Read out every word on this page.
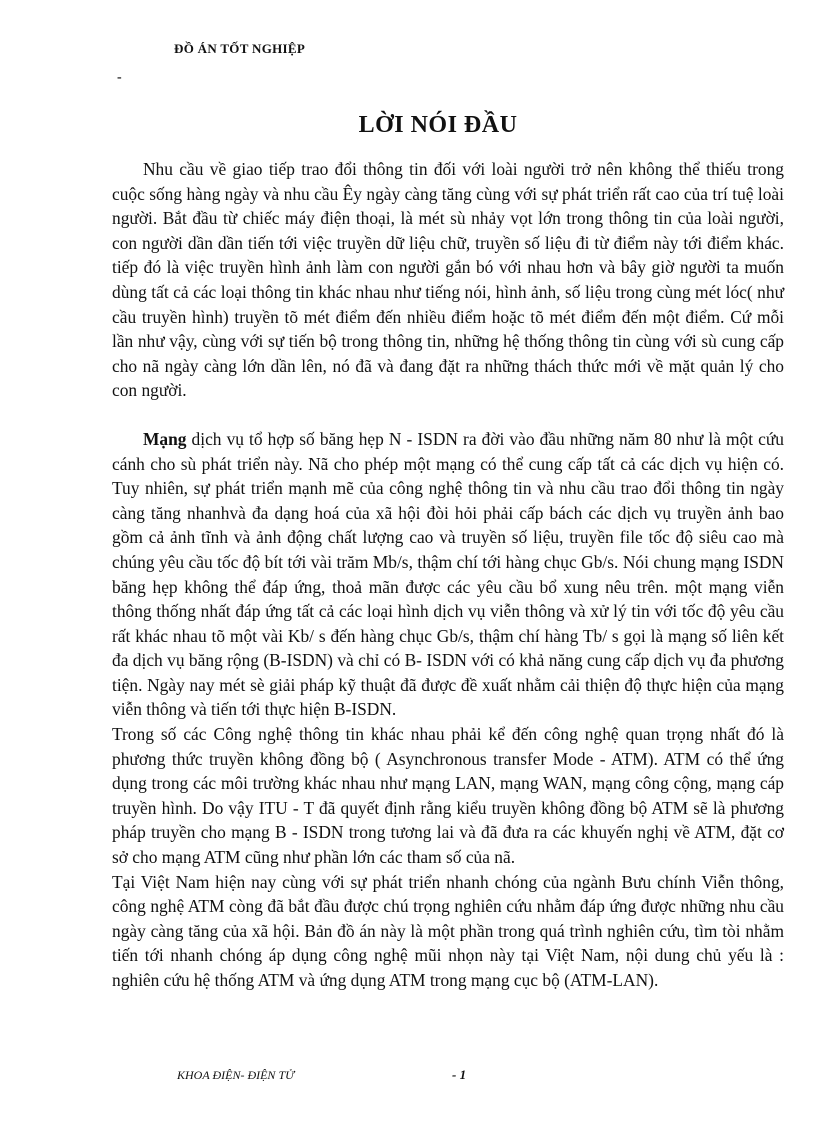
ĐỒ ÁN TỐT NGHIỆP
-
LỜI NÓI ĐẦU

Nhu cầu về giao tiếp trao đổi thông tin đối với loài người trở nên không thể thiếu trong cuộc sống hàng ngày và nhu cầu Êy ngày càng tăng cùng với sự phát triển rất cao của trí tuệ loài người. Bắt đầu từ chiếc máy điện thoại, là mét sù nhảy vọt lớn trong thông tin của loài người, con người dần dần tiến tới việc truyền dữ liệu chữ, truyền số liệu đi từ điểm này tới điểm khác. tiếp đó là việc truyền hình ảnh làm con người gắn bó với nhau hơn và bây giờ người ta muốn dùng tất cả các loại thông tin khác nhau như tiếng nói, hình ảnh, số liệu trong cùng mét lóc( như cầu truyền hình) truyền tõ mét điểm đến nhiều điểm hoặc tõ mét điểm đến một điểm. Cứ mỗi lần như vậy, cùng với sự tiến bộ trong thông tin, những hệ thống thông tin cùng với sù cung cấp cho nã ngày càng lớn dần lên, nó đã và đang đặt ra những thách thức mới về mặt quản lý cho con người.

Mạng dịch vụ tổ hợp số băng hẹp N - ISDN ra đời vào đầu những năm 80 như là một cứu cánh cho sù phát triển này. Nã cho phép một mạng có thể cung cấp tất cả các dịch vụ hiện có. Tuy nhiên, sự phát triển mạnh mẽ của công nghệ thông tin và nhu cầu trao đổi thông tin ngày càng tăng nhanhvà đa dạng hoá của xã hội đòi hỏi phải cấp bách các dịch vụ truyền ảnh bao gồm cả ảnh tĩnh và ảnh động chất lượng cao và truyền số liệu, truyền file tốc độ siêu cao mà chúng yêu cầu tốc độ bít tới vài trăm Mb/s, thậm chí tới hàng chục Gb/s. Nói chung mạng ISDN băng hẹp không thể đáp ứng, thoả mãn được các yêu cầu bổ xung nêu trên. một mạng viễn thông thống nhất đáp ứng tất cả các loại hình dịch vụ viễn thông và xử lý tin với tốc độ yêu cầu rất khác nhau tõ một vài Kb/ s đến hàng chục Gb/s, thậm chí hàng Tb/ s gọi là mạng số liên kết đa dịch vụ băng rộng (B-ISDN) và chỉ có B- ISDN với có khả năng cung cấp dịch vụ đa phương tiện. Ngày nay mét sè giải pháp kỹ thuật đã được đề xuất nhằm cải thiện độ thực hiện của mạng viễn thông và tiến tới thực hiện B-ISDN.

Trong số các Công nghệ thông tin khác nhau phải kể đến công nghệ quan trọng nhất đó là phương thức truyền không đồng bộ ( Asynchronous transfer Mode - ATM). ATM có thể ứng dụng trong các môi trường khác nhau như mạng LAN, mạng WAN, mạng công cộng, mạng cáp truyền hình. Do vậy ITU - T đã quyết định rằng kiểu truyền không đồng bộ ATM sẽ là phương pháp truyền cho mạng B - ISDN trong tương lai và đã đưa ra các khuyến nghị về ATM, đặt cơ sở cho mạng ATM cũng như phần lớn các tham số của nã.

Tại Việt Nam hiện nay cùng với sự phát triển nhanh chóng của ngành Bưu chính Viễn thông, công nghệ ATM còng đã bắt đầu được chú trọng nghiên cứu nhằm đáp ứng được những nhu cầu ngày càng tăng của xã hội. Bản đồ án này là một phần trong quá trình nghiên cứu, tìm tòi nhằm tiến tới nhanh chóng áp dụng công nghệ mũi nhọn này tại Việt Nam, nội dung chủ yếu là : nghiên cứu hệ thống ATM và ứng dụng ATM trong mạng cục bộ (ATM-LAN).

KHOA ĐIỆN- ĐIỆN TỬ	- 1
